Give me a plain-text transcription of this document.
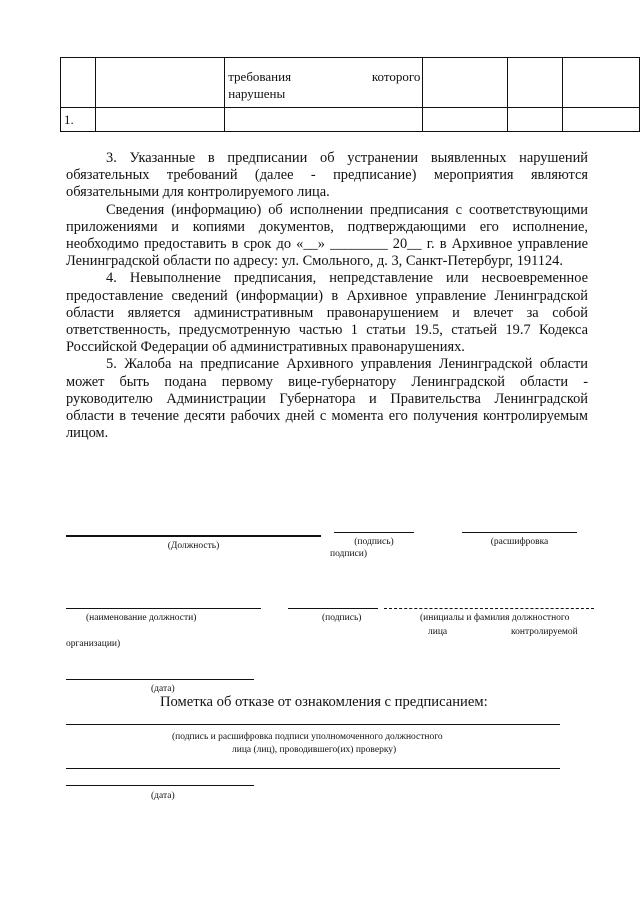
		требования которого
нарушены			

1.					

3. Указанные в предписании об устранении выявленных нарушений обязательных требований (далее - предписание) мероприятия являются обязательными для контролируемого лица.

Сведения (информацию) об исполнении предписания с соответствующими приложениями и копиями документов, подтверждающими его исполнение, необходимо предоставить в срок до «__» ________ 20__ г. в Архивное управление Ленинградской области по адресу: ул. Смольного, д. 3, Санкт-Петербург, 191124.

4. Невыполнение предписания, непредставление или несвоевременное предоставление сведений (информации) в Архивное управление Ленинградской области является административным правонарушением и влечет за собой ответственность, предусмотренную частью 1 статьи 19.5, статьей 19.7 Кодекса Российской Федерации об административных правонарушениях.

5. Жалоба на предписание Архивного управления Ленинградской области может быть подана первому вице-губернатору Ленинградской области - руководителю Администрации Губернатора и Правительства Ленинградской области в течение десяти рабочих дней с момента его получения контролируемым лицом.

(Должность)	(подпись)
подписи)
(расшифровка
(наименование должности)	(подпись)	(инициалы и фамилия должностного
лица	контролируемой
организации)
(дата)
Пометка об отказе от ознакомления с предписанием:
(подпись и расшифровка подписи уполномоченного должностного
лица (лиц), проводившего(их) проверку)
(дата)
